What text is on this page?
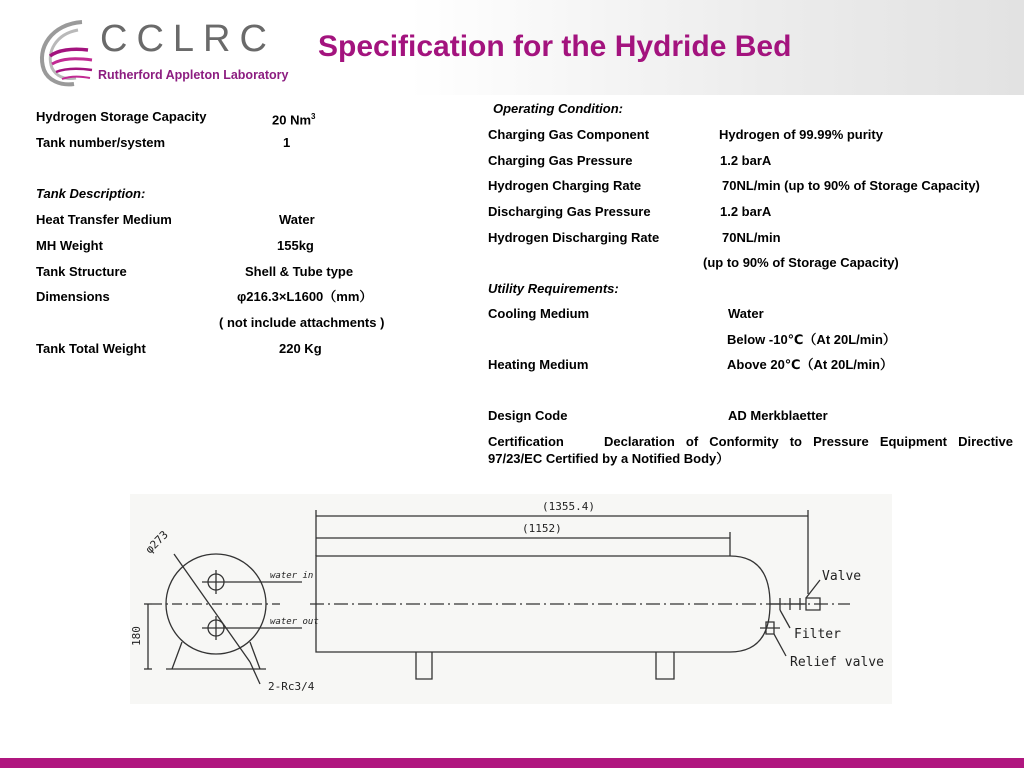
CCLRC
Rutherford Appleton Laboratory
Specification for the Hydride Bed
Hydrogen Storage Capacity	20 Nm$^3$
Tank number/system	1
Tank Description:
Heat Transfer Medium	Water
MH Weight	155kg
Tank Structure	Shell & Tube type
Dimensions	φ216.3×L1600（mm）
( not include attachments )
Tank Total Weight	220 Kg
Operating Condition:
Charging Gas Component	Hydrogen of 99.99% purity
Charging Gas Pressure	1.2 barA
Hydrogen Charging Rate	70NL/min (up to 90% of Storage Capacity)
Discharging Gas Pressure	1.2 barA
Hydrogen Discharging Rate	70NL/min
(up to 90% of Storage Capacity)
Utility Requirements:
Cooling Medium	Water
Below -10℃（At 20L/min）
Heating Medium	Above 20℃（At 20L/min）
Design Code	AD Merkblaetter
Certification	Declaration of Conformity to Pressure Equipment Directive 97/23/EC Certified by a Notified Body）
(1355.4)
(1152)
φ273
180
2-Rc3/4
water in
water out
Valve
Filter
Relief valve
